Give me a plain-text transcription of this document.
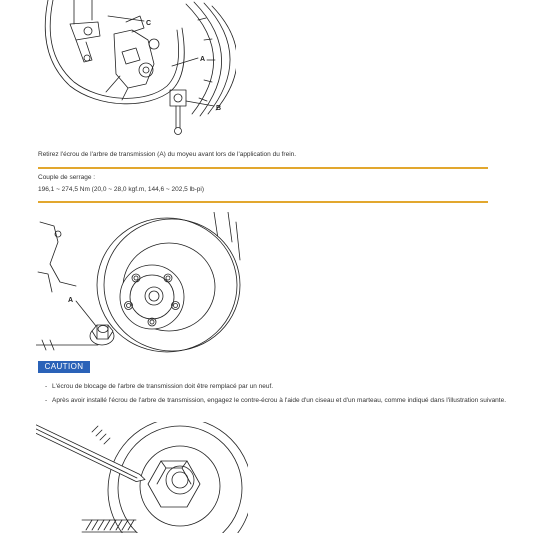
C
A
B
Retirez l'écrou de l'arbre de transmission (A) du moyeu avant lors de l'application du frein.
Couple de serrage :
196,1 ~ 274,5 Nm (20,0 ~ 28,0 kgf.m, 144,6 ~ 202,5 lb-pi)
A
CAUTION
- L'écrou de blocage de l'arbre de transmission doit être remplacé par un neuf.
- Après avoir installé l'écrou de l'arbre de transmission, engagez le contre-écrou à l'aide d'un ciseau et d'un marteau, comme indiqué dans l'illustration suivante.
